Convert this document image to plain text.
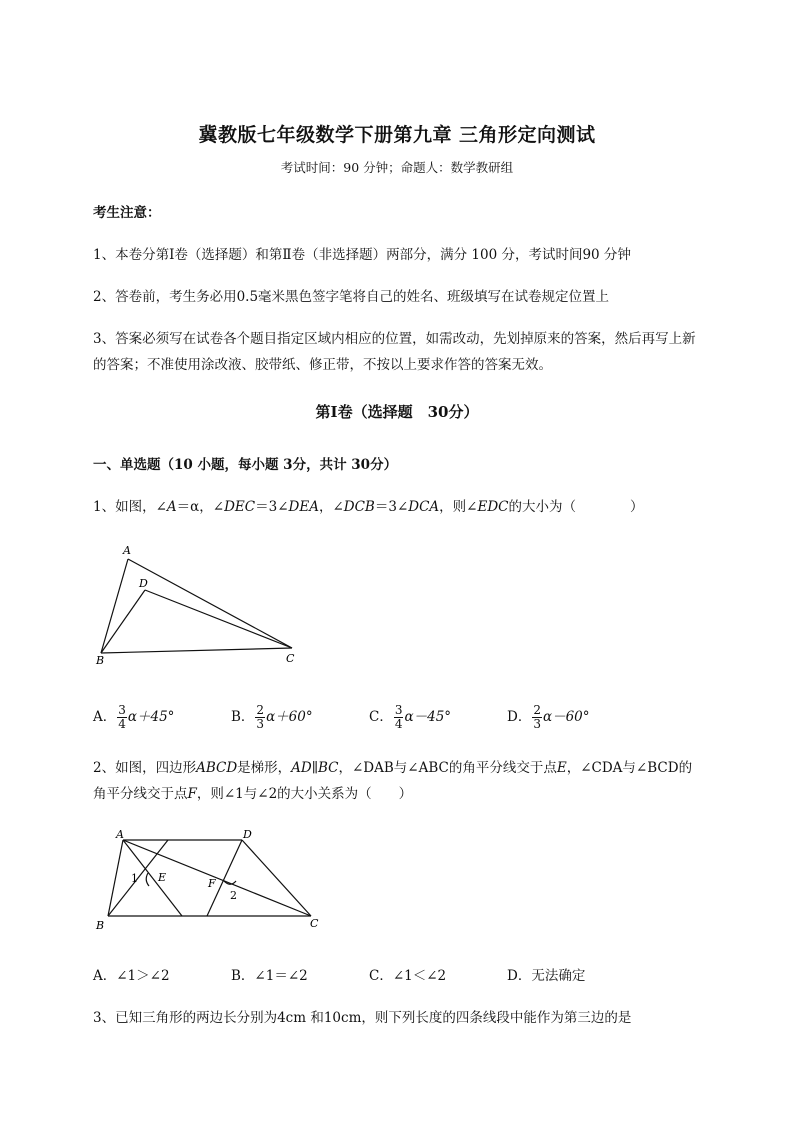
冀教版七年级数学下册第九章 三角形定向测试
考试时间：90 分钟；命题人：数学教研组
考生注意：
1、本卷分第Ⅰ卷（选择题）和第Ⅱ卷（非选择题）两部分，满分 100 分，考试时间90 分钟
2、答卷前，考生务必用0.5毫米黑色签字笔将自己的姓名、班级填写在试卷规定位置上
3、答案必须写在试卷各个题目指定区域内相应的位置，如需改动，先划掉原来的答案，然后再写上新
的答案；不准使用涂改液、胶带纸、修正带，不按以上要求作答的答案无效。
第Ⅰ卷（选择题　30分）
一、单选题（10 小题，每小题 3分，共计 30分）
1、如图，∠A＝α，∠DEC＝3∠DEA，∠DCB＝3∠DCA，则∠EDC的大小为（　　　　）
A
D
B	C
A． $\frac{3}{4} \alpha+45^\circ$	B． $\frac{2}{3} \alpha+60^\circ$	C． $\frac{3}{4} \alpha-45^\circ$	D． $\frac{2}{3} \alpha-60^\circ$
2、如图，四边形ABCD是梯形，AD∥BC，∠DAB与∠ABC的角平分线交于点E，∠CDA与∠BCD的
角平分线交于点F，则∠1与∠2的大小关系为（　　）
A	D
B	C
E	F
1
2
A．∠1＞∠2	B．∠1＝∠2	C．∠1＜∠2	D．无法确定
3、已知三角形的两边长分别为4cm 和10cm，则下列长度的四条线段中能作为第三边的是
